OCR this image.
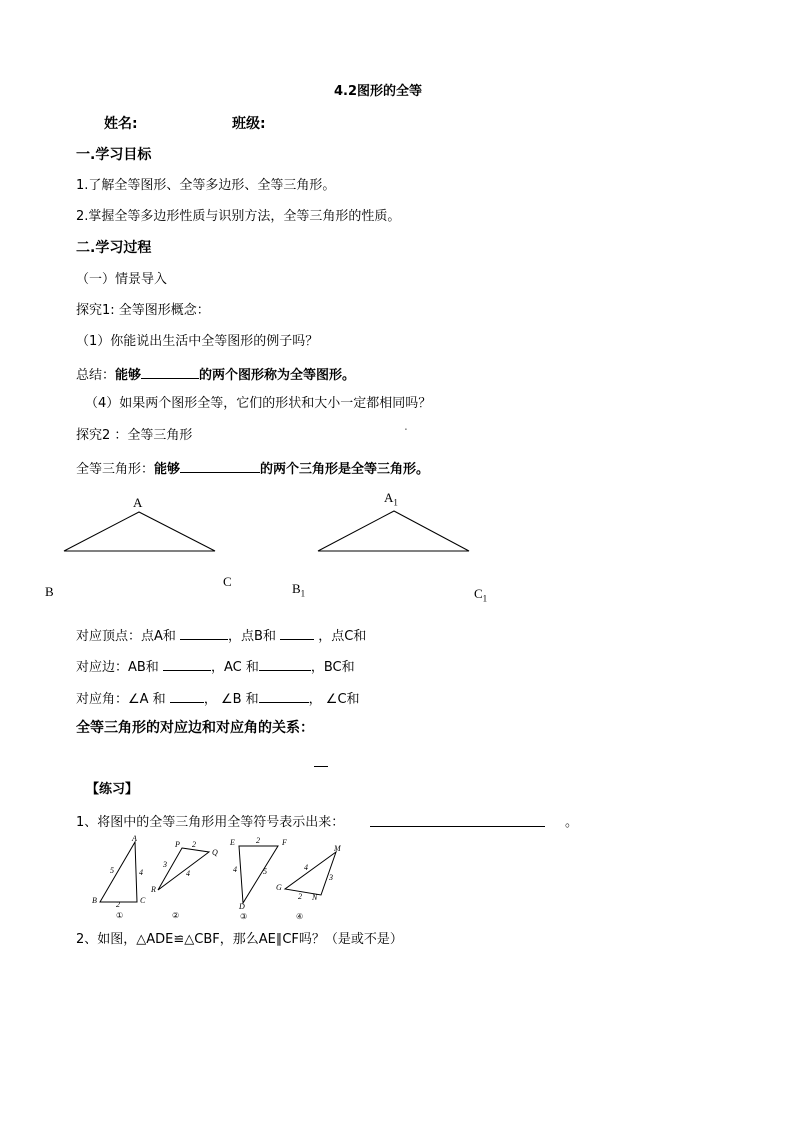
4.2图形的全等
姓名:	班级:
一.学习目标
1.了解全等图形、全等多边形、全等三角形。
2.掌握全等多边形性质与识别方法，全等三角形的性质。
二.学习过程
（一）情景导入
探究1: 全等图形概念：
（1）你能说出生活中全等图形的例子吗？
总结：能够	的两个图形称为全等图形。
（4）如果两个图形全等，它们的形状和大小一定都相同吗？
探究2 ：全等三角形
全等三角形：能够	的两个三角形是全等三角形。
.
A
B
C
$A_1$
$B_1$	$C_1$
对应顶点：点A和	，点B和	，点C和
对应边：AB和	，AC 和	，BC和
对应角：∠A 和	， ∠B 和	， ∠C和
全等三角形的对应边和对应角的关系：
【练习】
1、将图中的全等三角形用全等符号表示出来：	。
A
B	C
5	4
2
①
P
Q
R
2
3
4
②
E	F
D
2
4	5
③
M
G
N
4
3
2
④
2、如图，△ADE≌△CBF，那么AE∥CF吗？（是或不是）
